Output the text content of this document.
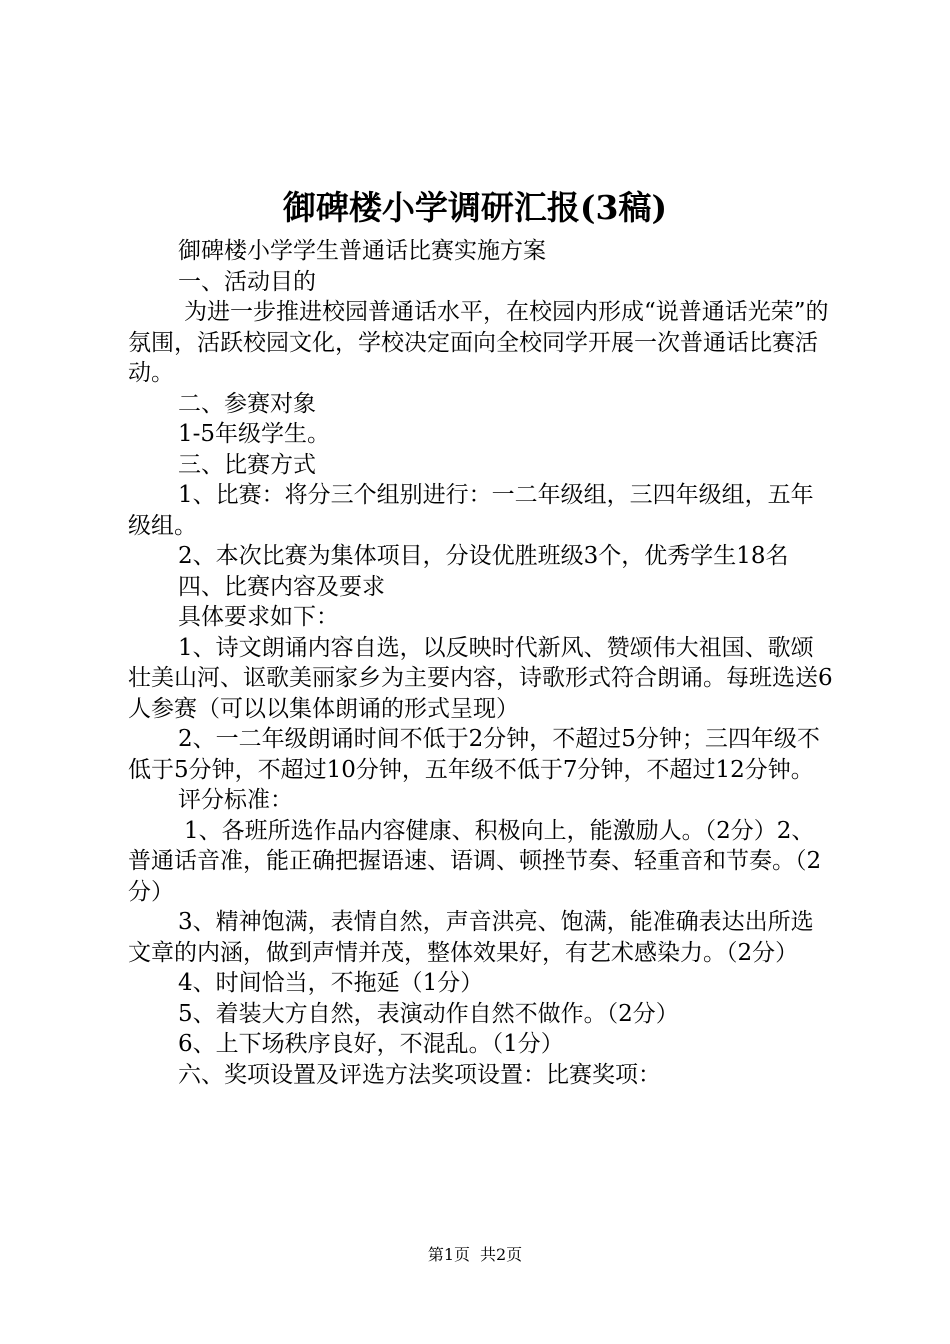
御碑楼小学调研汇报(3稿)

御碑楼小学学生普通话比赛实施方案

一、活动目的

为进一步推进校园普通话水平，在校园内形成“说普通话光荣”的氛围，活跃校园文化，学校决定面向全校同学开展一次普通话比赛活动。

二、参赛对象

1-5年级学生。

三、比赛方式

1、比赛：将分三个组别进行：一二年级组，三四年级组，五年级组。

2、本次比赛为集体项目，分设优胜班级3个，优秀学生18名

四、比赛内容及要求

具体要求如下：

1、诗文朗诵内容自选，以反映时代新风、赞颂伟大祖国、歌颂壮美山河、讴歌美丽家乡为主要内容，诗歌形式符合朗诵。每班选送6人参赛（可以以集体朗诵的形式呈现）

2、一二年级朗诵时间不低于2分钟，不超过5分钟；三四年级不低于5分钟，不超过10分钟，五年级不低于7分钟，不超过12分钟。

评分标准：

1、各班所选作品内容健康、积极向上，能激励人。（2分）2、普通话音准，能正确把握语速、语调、顿挫节奏、轻重音和节奏。（2分）

3、精神饱满，表情自然，声音洪亮、饱满，能准确表达出所选文章的内涵，做到声情并茂，整体效果好，有艺术感染力。（2分）

4、时间恰当，不拖延（1分）

5、着装大方自然，表演动作自然不做作。（2分）

6、上下场秩序良好，不混乱。（1分）

六、奖项设置及评选方法奖项设置：比赛奖项：

第1页 共2页
